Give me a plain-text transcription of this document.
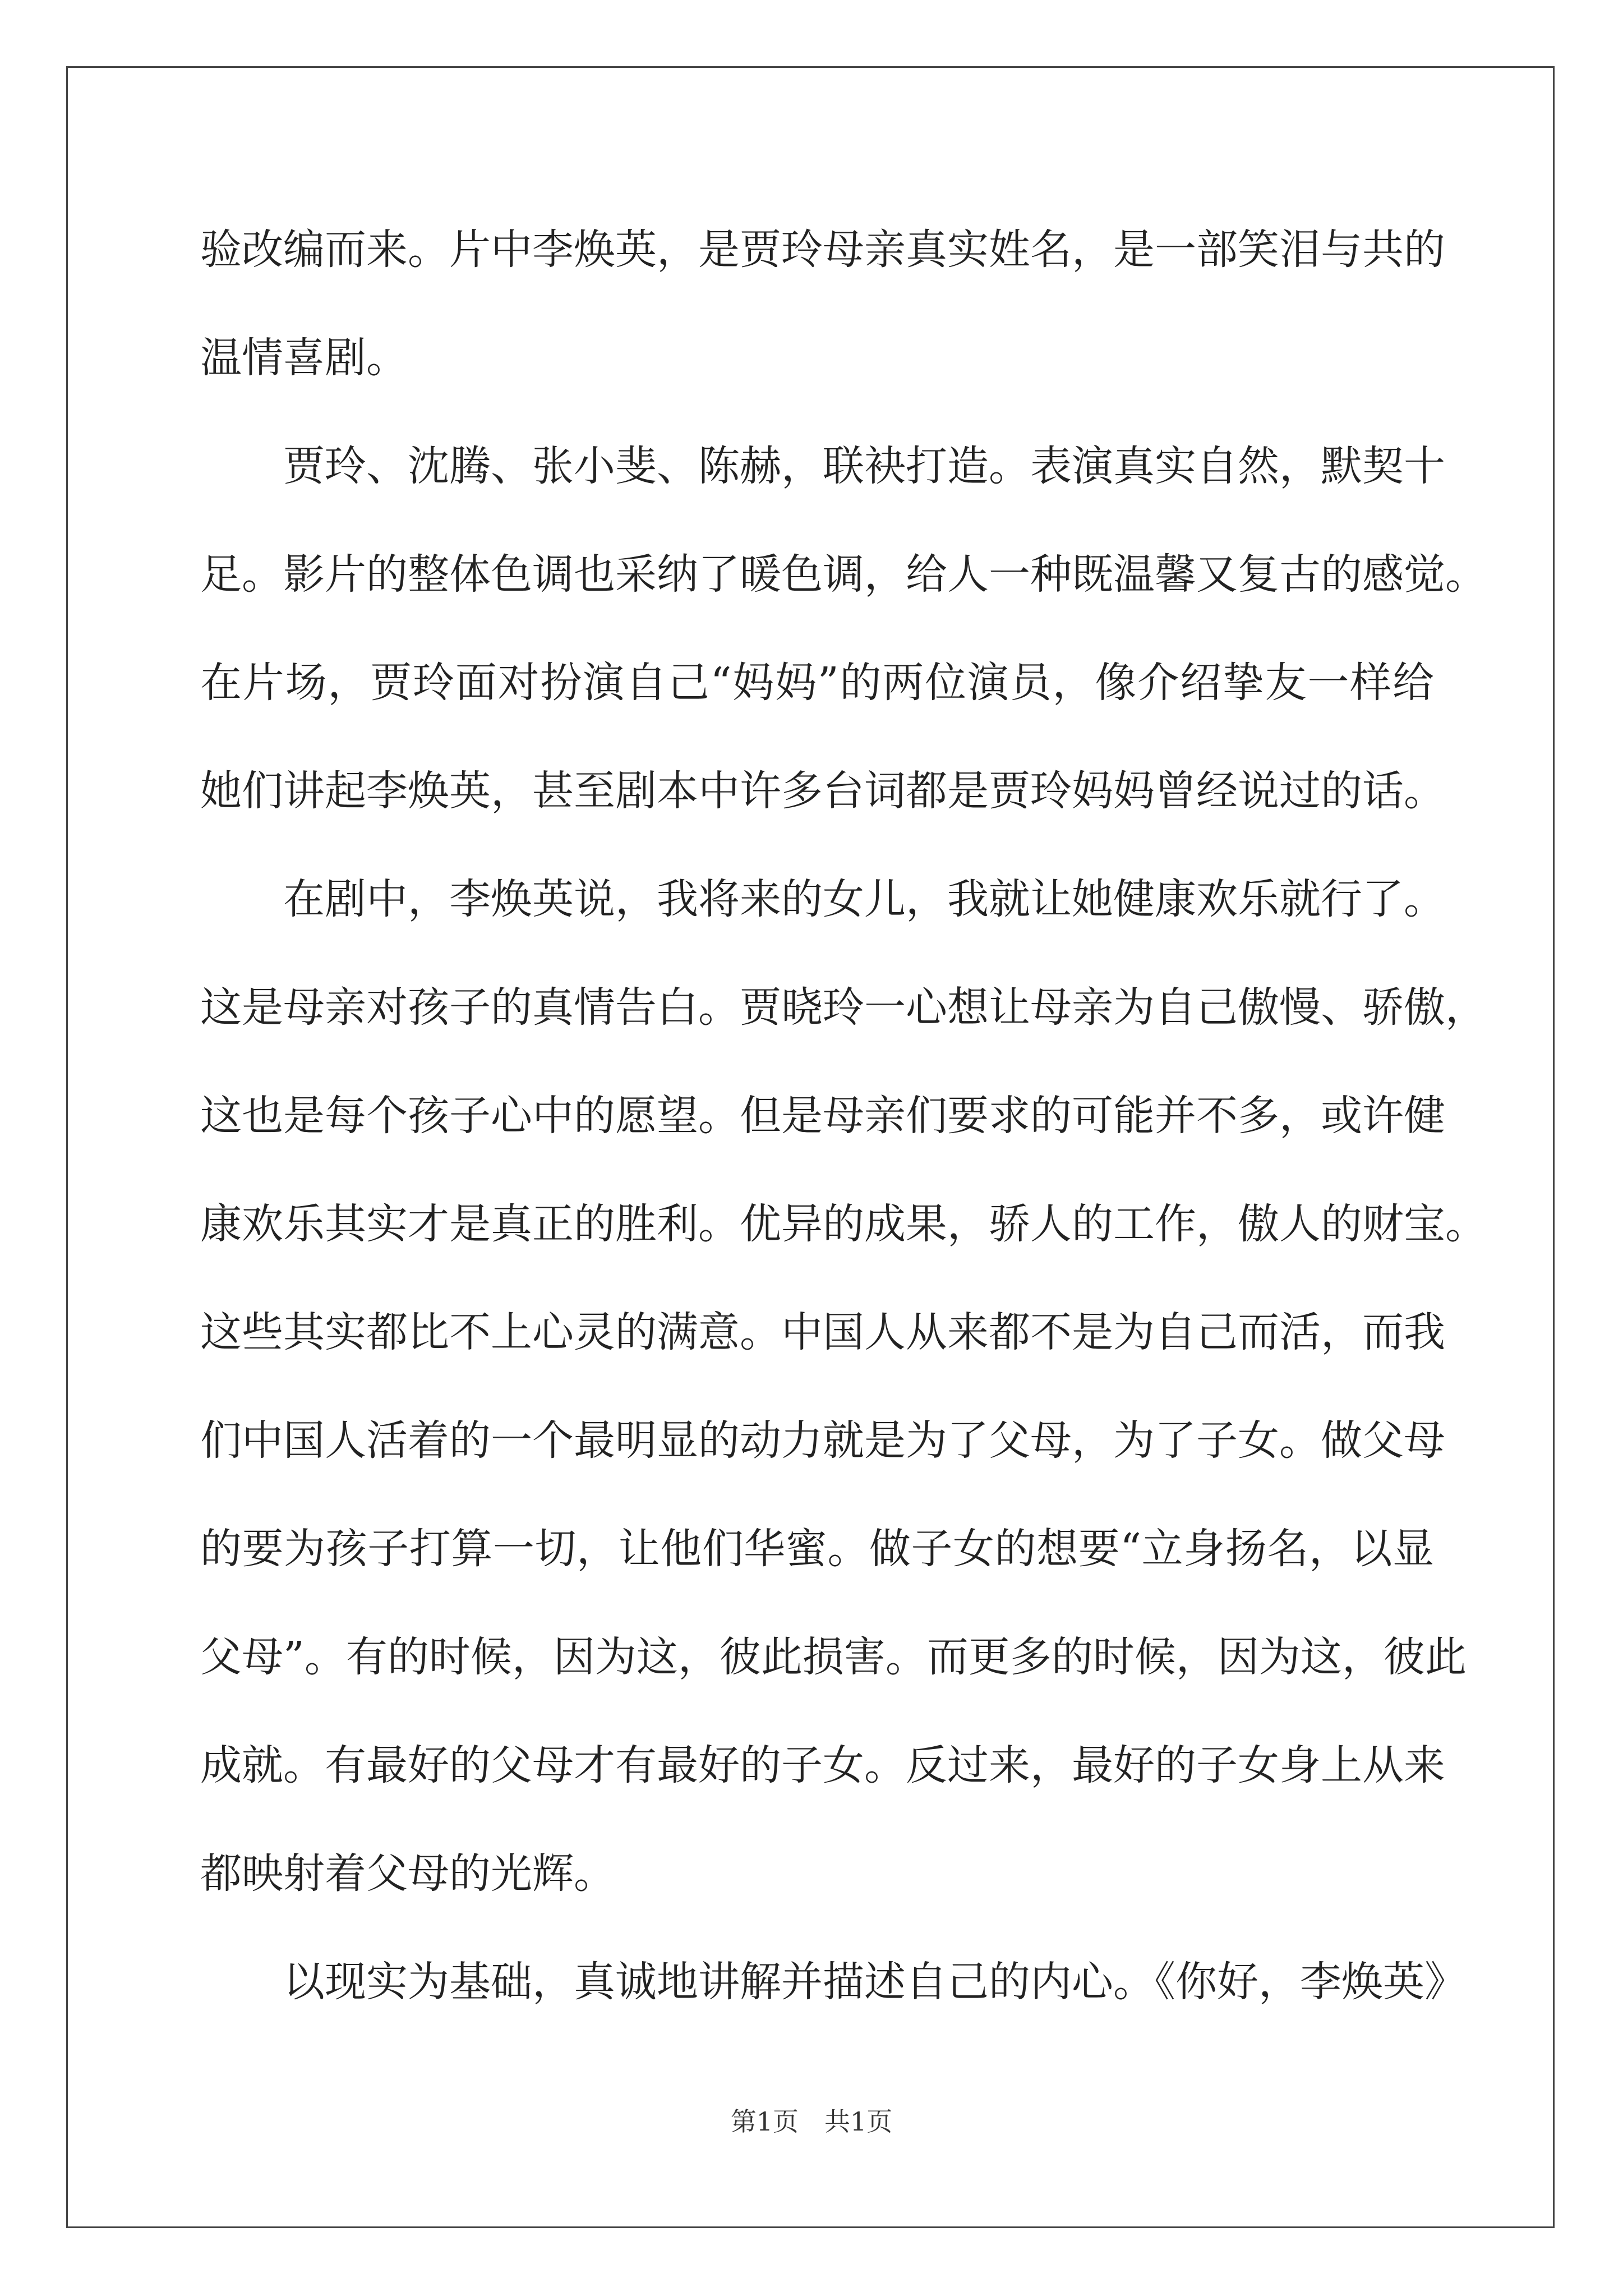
验改编而来。片中李焕英，是贾玲母亲真实姓名，是一部笑泪与共的
温情喜剧。
贾玲、沈腾、张小斐、陈赫，联袂打造。表演真实自然，默契十
足。影片的整体色调也采纳了暖色调，给人一种既温馨又复古的感觉。
在片场，贾玲面对扮演自己“妈妈”的两位演员，像介绍挚友一样给
她们讲起李焕英，甚至剧本中许多台词都是贾玲妈妈曾经说过的话。
在剧中，李焕英说，我将来的女儿，我就让她健康欢乐就行了。
这是母亲对孩子的真情告白。贾晓玲一心想让母亲为自己傲慢、骄傲，
这也是每个孩子心中的愿望。但是母亲们要求的可能并不多，或许健
康欢乐其实才是真正的胜利。优异的成果，骄人的工作，傲人的财宝。
这些其实都比不上心灵的满意。中国人从来都不是为自己而活，而我
们中国人活着的一个最明显的动力就是为了父母，为了子女。做父母
的要为孩子打算一切，让他们华蜜。做子女的想要“立身扬名，以显
父母”。有的时候，因为这，彼此损害。而更多的时候，因为这，彼此
成就。有最好的父母才有最好的子女。反过来，最好的子女身上从来
都映射着父母的光辉。
以现实为基础，真诚地讲解并描述自己的内心。《你好，李焕英》
第1页　共1页
